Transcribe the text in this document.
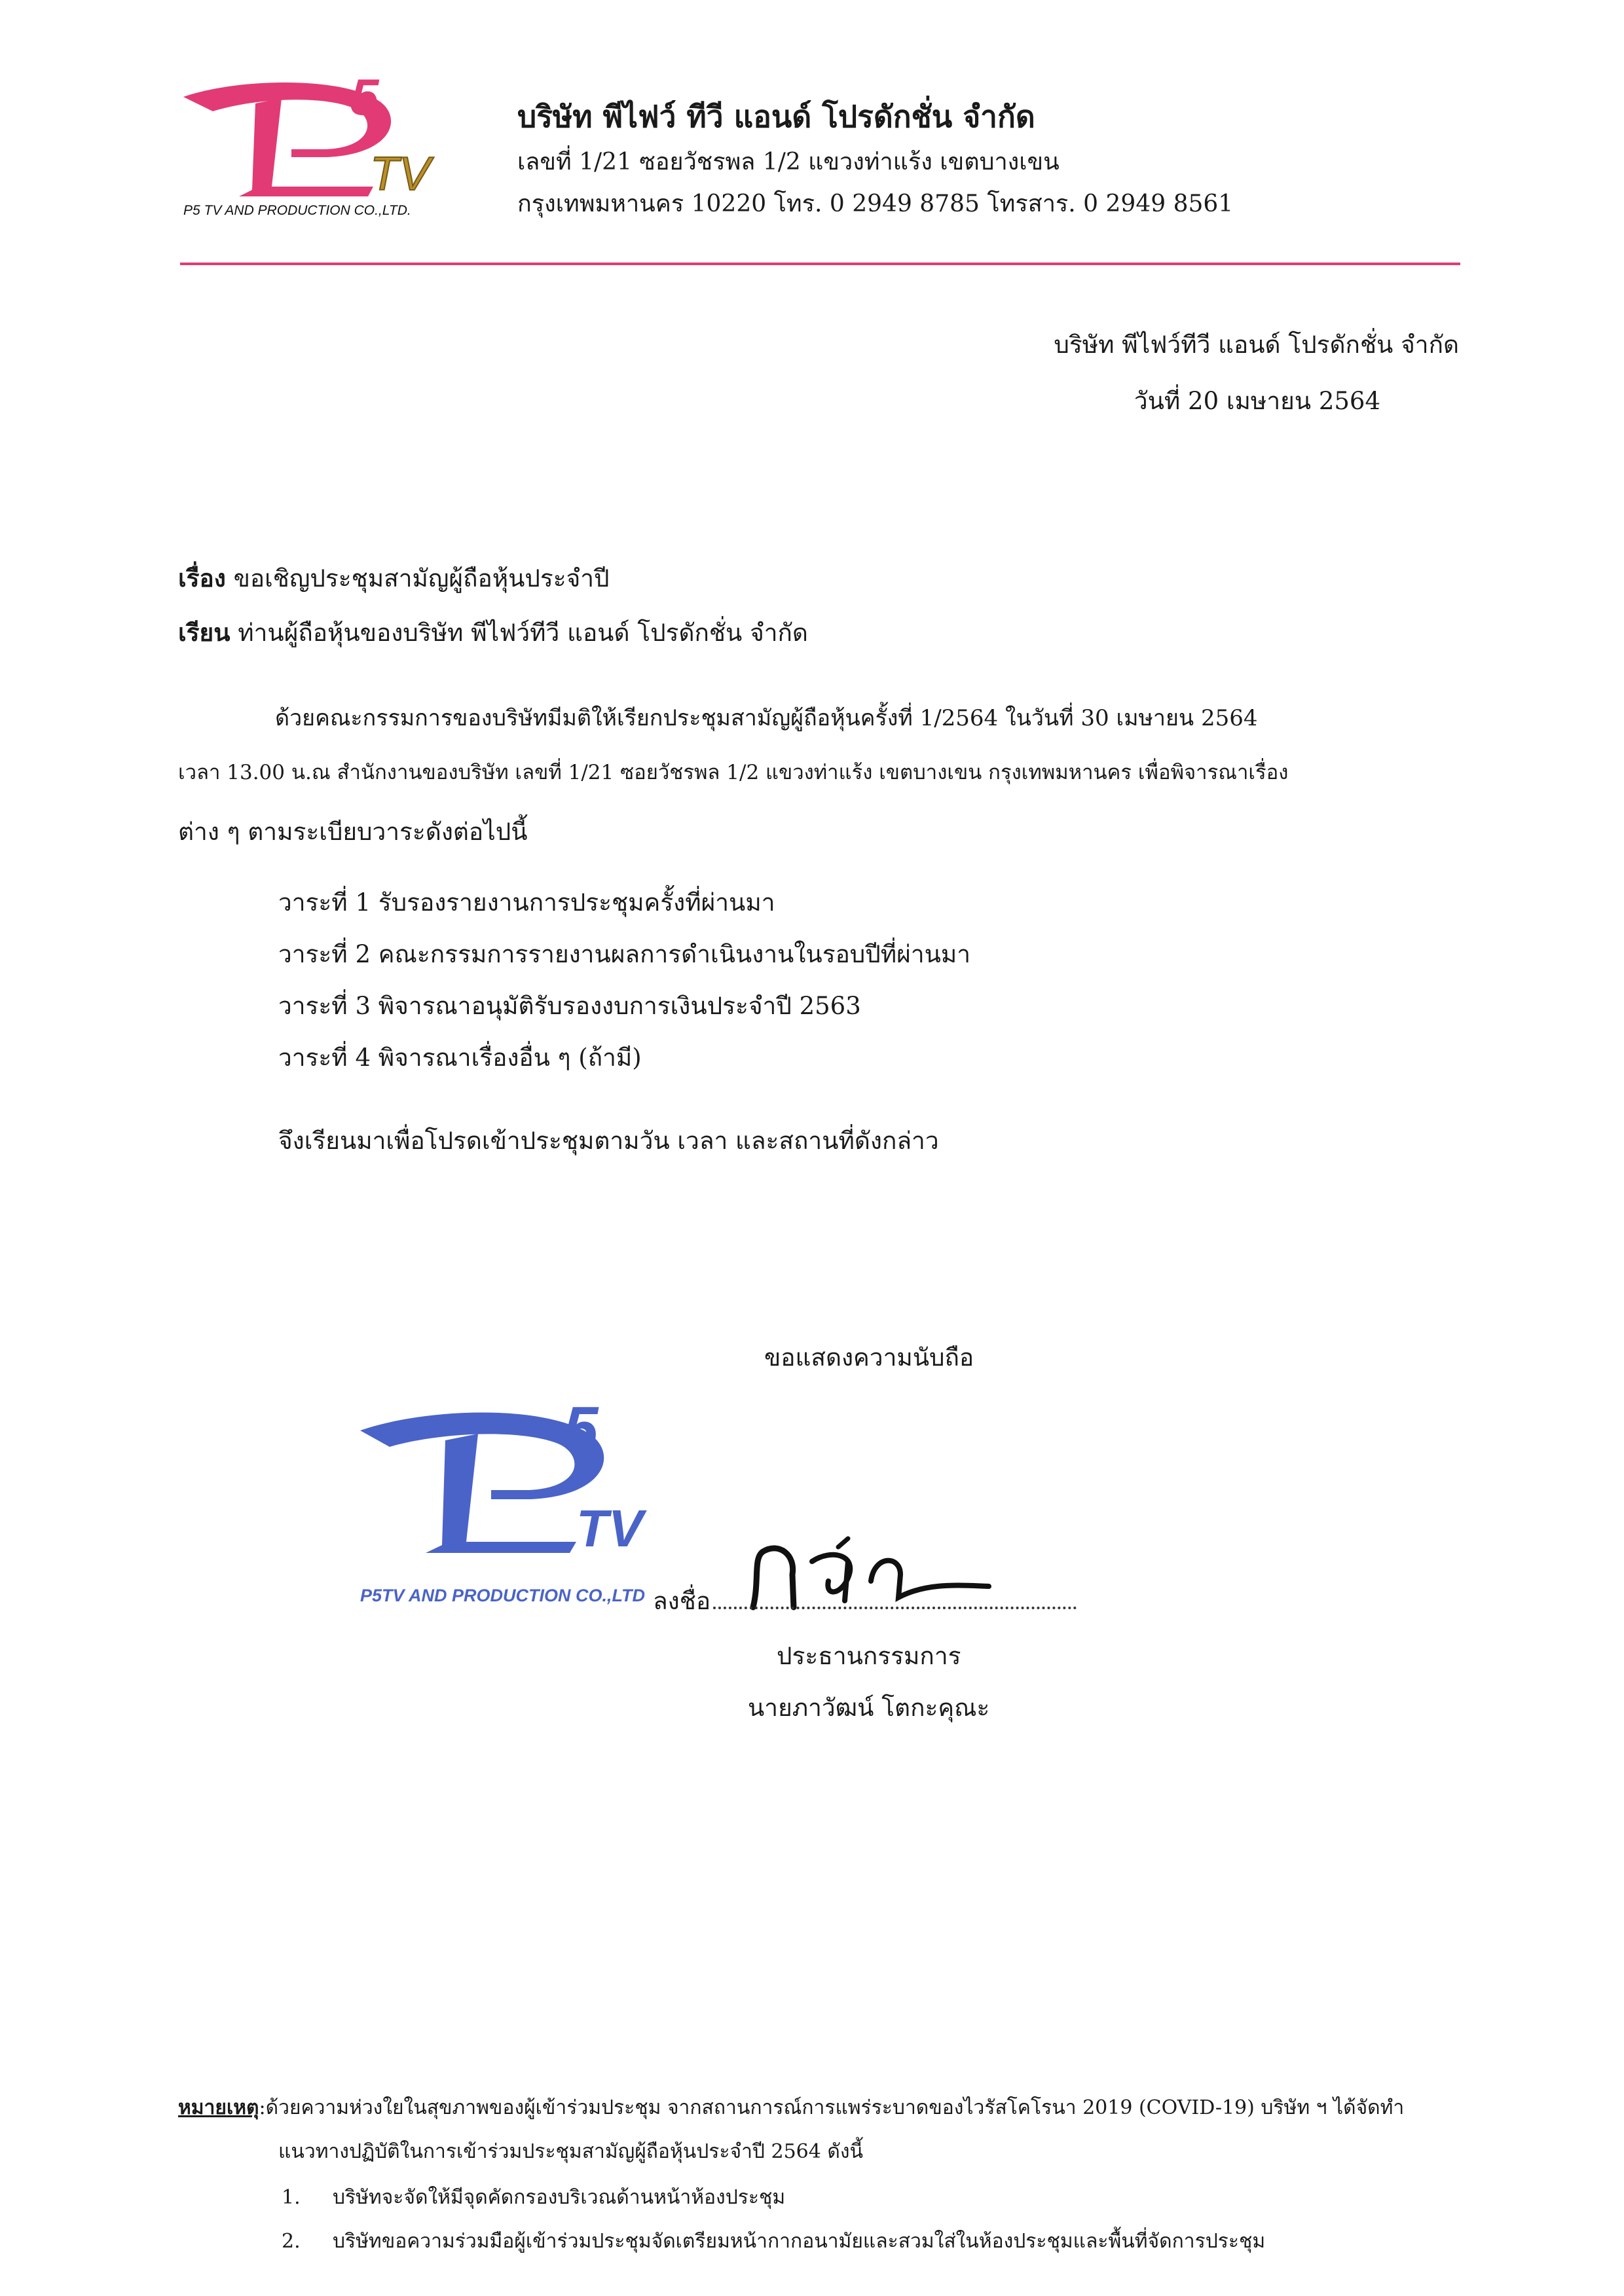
5
TV
P5 TV AND PRODUCTION CO.,LTD.
บริษัท พีไฟว์ ทีวี แอนด์ โปรดักชั่น จำกัด
เลขที่ 1/21 ซอยวัชรพล 1/2 แขวงท่าแร้ง เขตบางเขน
กรุงเทพมหานคร 10220 โทร. 0 2949 8785 โทรสาร. 0 2949 8561
บริษัท พีไฟว์ทีวี แอนด์ โปรดักชั่น จำกัด
วันที่ 20 เมษายน 2564
เรื่อง ขอเชิญประชุมสามัญผู้ถือหุ้นประจำปี
เรียน ท่านผู้ถือหุ้นของบริษัท พีไฟว์ทีวี แอนด์ โปรดักชั่น จำกัด
ด้วยคณะกรรมการของบริษัทมีมติให้เรียกประชุมสามัญผู้ถือหุ้นครั้งที่ 1/2564 ในวันที่ 30 เมษายน 2564
เวลา 13.00 น.ณ สำนักงานของบริษัท เลขที่ 1/21 ซอยวัชรพล 1/2 แขวงท่าแร้ง เขตบางเขน กรุงเทพมหานคร เพื่อพิจารณาเรื่อง
ต่าง ๆ ตามระเบียบวาระดังต่อไปนี้
วาระที่ 1 รับรองรายงานการประชุมครั้งที่ผ่านมา
วาระที่ 2 คณะกรรมการรายงานผลการดำเนินงานในรอบปีที่ผ่านมา
วาระที่ 3 พิจารณาอนุมัติรับรองงบการเงินประจำปี 2563
วาระที่ 4 พิจารณาเรื่องอื่น ๆ (ถ้ามี)
จึงเรียนมาเพื่อโปรดเข้าประชุมตามวัน เวลา และสถานที่ดังกล่าว
ขอแสดงความนับถือ
5
TV
P5TV AND PRODUCTION CO.,LTD ลงชื่อ
ประธานกรรมการ
นายภาวัฒน์ โตกะคุณะ
หมายเหตุ:ด้วยความห่วงใยในสุขภาพของผู้เข้าร่วมประชุม จากสถานการณ์การแพร่ระบาดของไวรัสโคโรนา 2019 (COVID-19) บริษัท ฯ ได้จัดทำ
แนวทางปฏิบัติในการเข้าร่วมประชุมสามัญผู้ถือหุ้นประจำปี 2564 ดังนี้
1. บริษัทจะจัดให้มีจุดคัดกรองบริเวณด้านหน้าห้องประชุม
2. บริษัทขอความร่วมมือผู้เข้าร่วมประชุมจัดเตรียมหน้ากากอนามัยและสวมใส่ในห้องประชุมและพื้นที่จัดการประชุม
